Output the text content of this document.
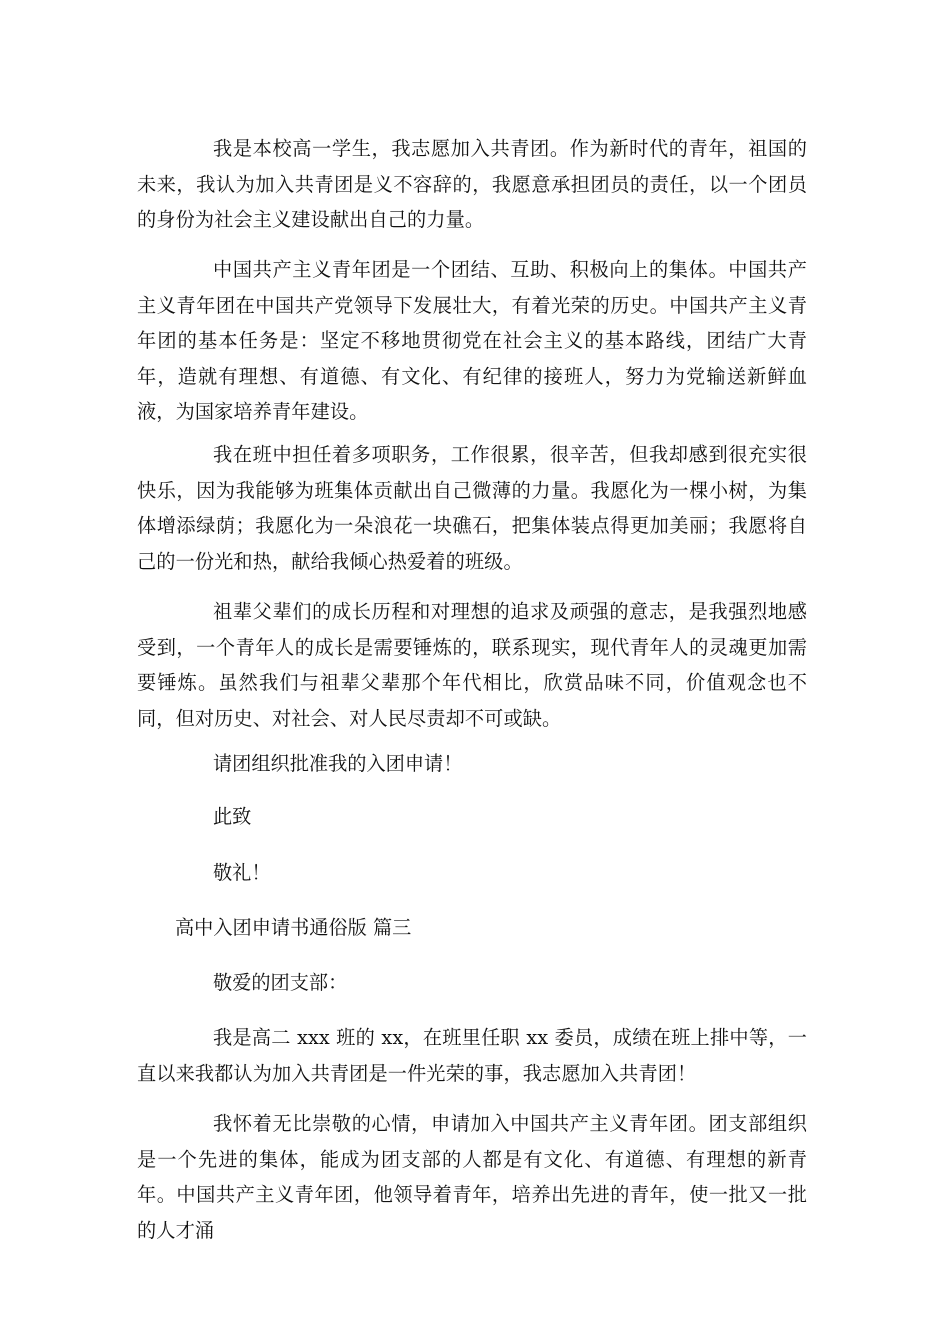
我是本校高一学生，我志愿加入共青团。作为新时代的青年，祖国的未来，我认为加入共青团是义不容辞的，我愿意承担团员的责任，以一个团员的身份为社会主义建设献出自己的力量。

中国共产主义青年团是一个团结、互助、积极向上的集体。中国共产主义青年团在中国共产党领导下发展壮大，有着光荣的历史。中国共产主义青年团的基本任务是：坚定不移地贯彻党在社会主义的基本路线，团结广大青年，造就有理想、有道德、有文化、有纪律的接班人，努力为党输送新鲜血液，为国家培养青年建设。

我在班中担任着多项职务，工作很累，很辛苦，但我却感到很充实很快乐，因为我能够为班集体贡献出自己微薄的力量。我愿化为一棵小树，为集体增添绿荫；我愿化为一朵浪花一块礁石，把集体装点得更加美丽；我愿将自己的一份光和热，献给我倾心热爱着的班级。

祖辈父辈们的成长历程和对理想的追求及顽强的意志，是我强烈地感受到，一个青年人的成长是需要锤炼的，联系现实，现代青年人的灵魂更加需要锤炼。虽然我们与祖辈父辈那个年代相比，欣赏品味不同，价值观念也不同，但对历史、对社会、对人民尽责却不可或缺。

请团组织批准我的入团申请！

此致

敬礼！

高中入团申请书通俗版 篇三

敬爱的团支部：

我是高二 xxx 班的 xx，在班里任职 xx 委员，成绩在班上排中等，一直以来我都认为加入共青团是一件光荣的事，我志愿加入共青团！

我怀着无比崇敬的心情，申请加入中国共产主义青年团。团支部组织是一个先进的集体，能成为团支部的人都是有文化、有道德、有理想的新青年。中国共产主义青年团，他领导着青年，培养出先进的青年，使一批又一批的人才涌
